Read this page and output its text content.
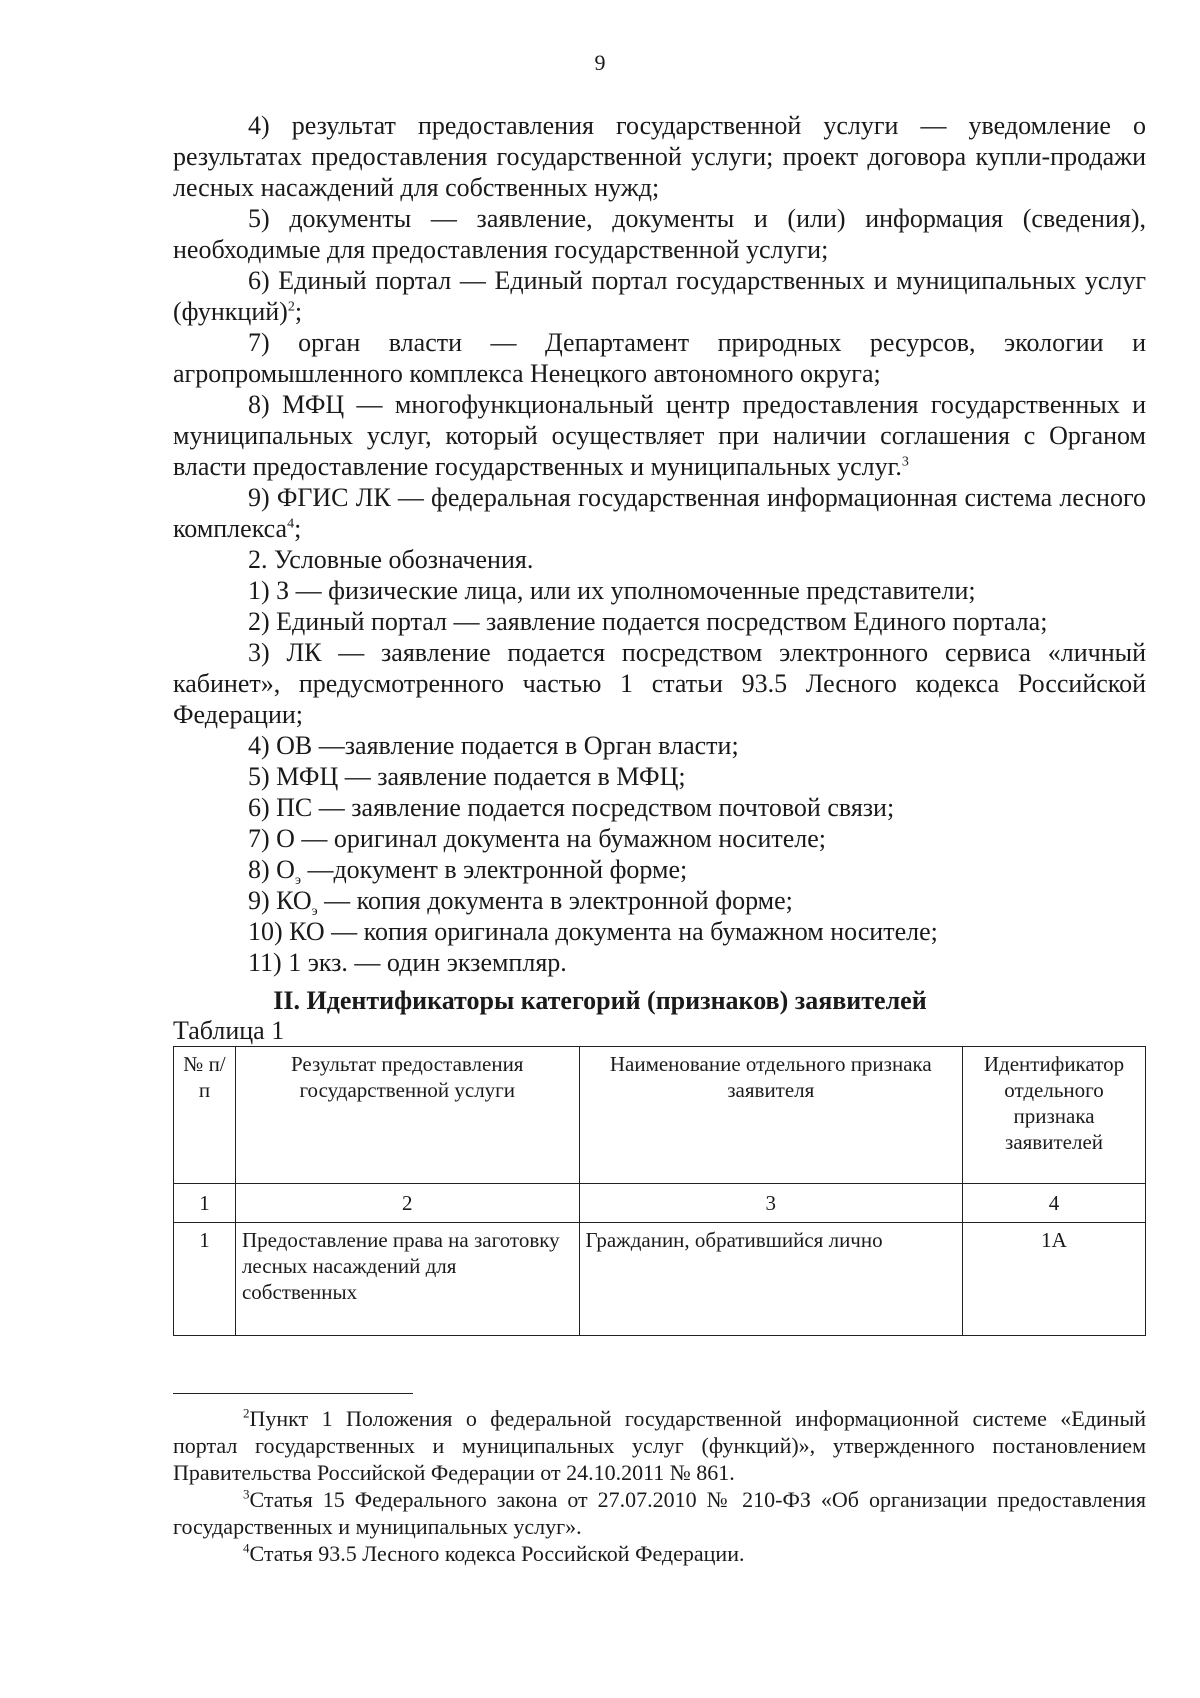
9

4) результат предоставления государственной услуги — уведомление о результатах предоставления государственной услуги; проект договора купли-продажи лесных насаждений для собственных нужд;

5) документы — заявление, документы и (или) информация (сведения), необходимые для предоставления государственной услуги;

6) Единый портал — Единый портал государственных и муниципальных услуг (функций)$^2$;

7) орган власти — Департамент природных ресурсов, экологии и агропромышленного комплекса Ненецкого автономного округа;

8) МФЦ — многофункциональный центр предоставления государственных и муниципальных услуг, который осуществляет при наличии соглашения с Органом власти предоставление государственных и муниципальных услуг.$^3$

9) ФГИС ЛК — федеральная государственная информационная система лесного комплекса$^4$;

2. Условные обозначения.

1) З — физические лица, или их уполномоченные представители;

2) Единый портал — заявление подается посредством Единого портала;

3) ЛК — заявление подается посредством электронного сервиса «личный кабинет», предусмотренного частью 1 статьи 93.5 Лесного кодекса Российской Федерации;

4) ОВ —заявление подается в Орган власти;

5) МФЦ — заявление подается в МФЦ;

6) ПС — заявление подается посредством почтовой связи;

7) О — оригинал документа на бумажном носителе;

8) $О_э$ —документ в электронной форме;

9) $КО_э$ — копия документа в электронной форме;

10) КО — копия оригинала документа на бумажном носителе;

11) 1 экз. — один экземпляр.

II. Идентификаторы категорий (признаков) заявителей
Таблица 1
№ п/п	Результат предоставления государственной услуги	Наименование отдельного признака заявителя	Идентификатор отдельного признака заявителей
1	2	3	4
1	Предоставление права на заготовку лесных насаждений для собственных	Гражданин, обратившийся лично	1А

$^2$Пункт 1 Положения о федеральной государственной информационной системе «Единый портал государственных и муниципальных услуг (функций)», утвержденного постановлением Правительства Российской Федерации от 24.10.2011 № 861.

$^3$Статья 15 Федерального закона от 27.07.2010 № 210-ФЗ «Об организации предоставления государственных и муниципальных услуг».

$^4$Статья 93.5 Лесного кодекса Российской Федерации.
